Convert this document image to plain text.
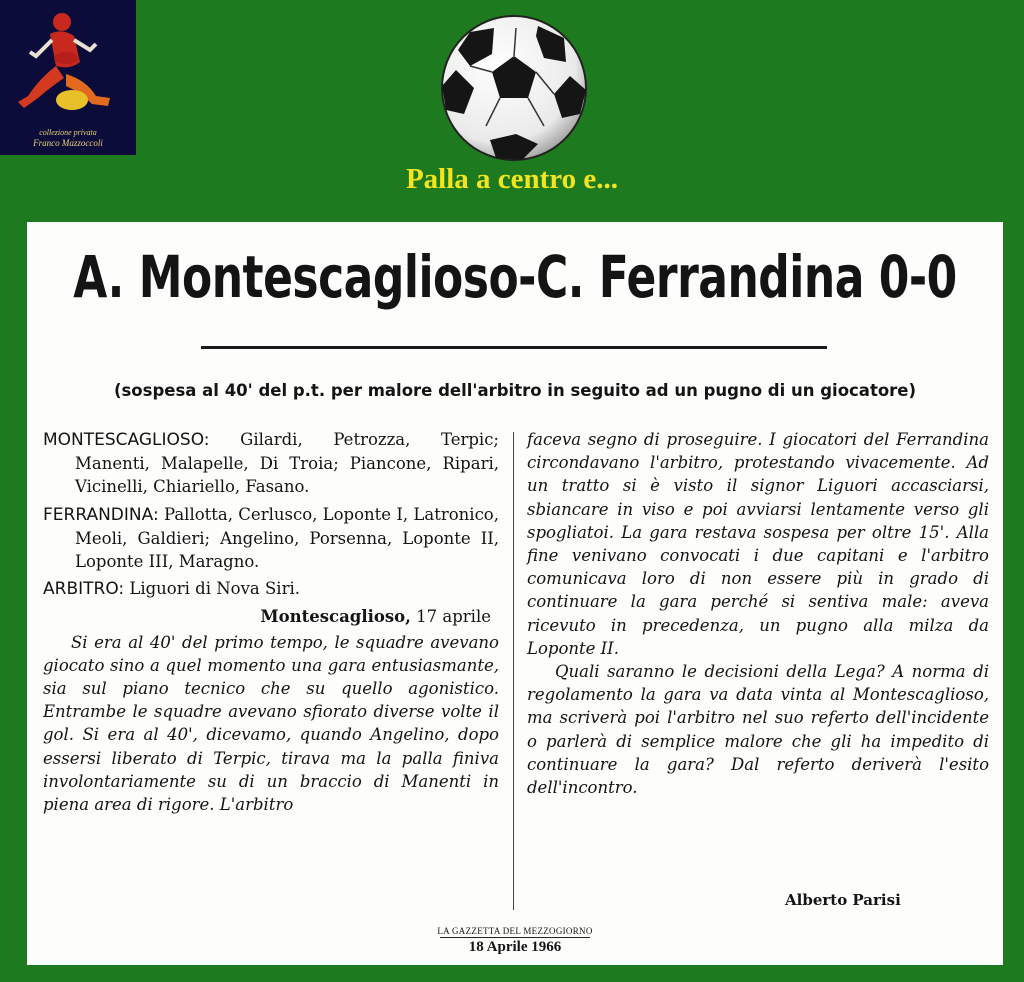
collezione privata
Franco Mazzoccoli
Palla a centro e...
A. Montescaglioso-C. Ferrandina 0-0
(sospesa al 40' del p.t. per malore dell'arbitro in seguito ad un pugno di un giocatore)

MONTESCAGLIOSO: Gilardi, Petrozza, Terpic; Manenti, Malapelle, Di Troia; Piancone, Ripari, Vicinelli, Chiariello, Fasano.

FERRANDINA: Pallotta, Cerlusco, Loponte I, Latronico, Meoli, Galdieri; Angelino, Porsenna, Loponte II, Loponte III, Maragno.

ARBITRO: Liguori di Nova Siri.

Montescaglioso, 17 aprile

Si era al 40' del primo tempo, le squadre avevano giocato sino a quel momento una gara entusiasmante, sia sul piano tecnico che su quello agonistico. Entrambe le squadre avevano sfiorato diverse volte il gol. Si era al 40', dicevamo, quando Angelino, dopo essersi liberato di Terpic, tirava ma la palla finiva involontariamente su di un braccio di Manenti in piena area di rigore. L'arbitro

faceva segno di proseguire. I giocatori del Ferrandina circondavano l'arbitro, protestando vivacemente. Ad un tratto si è visto il signor Liguori accasciarsi, sbiancare in viso e poi avviarsi lentamente verso gli spogliatoi. La gara restava sospesa per oltre 15'. Alla fine venivano convocati i due capitani e l'arbitro comunicava loro di non essere più in grado di continuare la gara perché si sentiva male: aveva ricevuto in precedenza, un pugno alla milza da Loponte II.

Quali saranno le decisioni della Lega? A norma di regolamento la gara va data vinta al Montescaglioso, ma scriverà poi l'arbitro nel suo referto dell'incidente o parlerà di semplice malore che gli ha impedito di continuare la gara? Dal referto deriverà l'esito dell'incontro.

Alberto Parisi
LA GAZZETTA DEL MEZZOGIORNO
18 Aprile 1966
